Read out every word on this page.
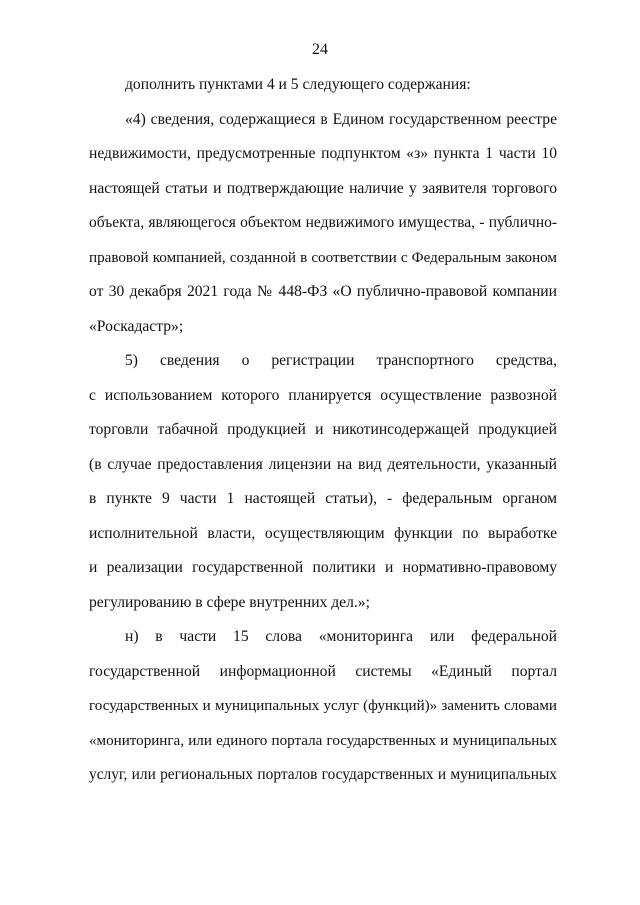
24
дополнить пунктами 4 и 5 следующего содержания:
«4) сведения, содержащиеся в Едином государственном реестре
недвижимости, предусмотренные подпунктом «з» пункта 1 части 10
настоящей статьи и подтверждающие наличие у заявителя торгового
объекта, являющегося объектом недвижимого имущества, - публично-
правовой компанией, созданной в соответствии с Федеральным законом
от 30 декабря 2021 года № 448-ФЗ «О публично-правовой компании
«Роскадастр»;
5) сведения о регистрации транспортного средства,
с использованием которого планируется осуществление развозной
торговли табачной продукцией и никотинсодержащей продукцией
(в случае предоставления лицензии на вид деятельности, указанный
в пункте 9 части 1 настоящей статьи), - федеральным органом
исполнительной власти, осуществляющим функции по выработке
и реализации государственной политики и нормативно-правовому
регулированию в сфере внутренних дел.»;
н) в части 15 слова «мониторинга или федеральной
государственной информационной системы «Единый портал
государственных и муниципальных услуг (функций)» заменить словами
«мониторинга, или единого портала государственных и муниципальных
услуг, или региональных порталов государственных и муниципальных
